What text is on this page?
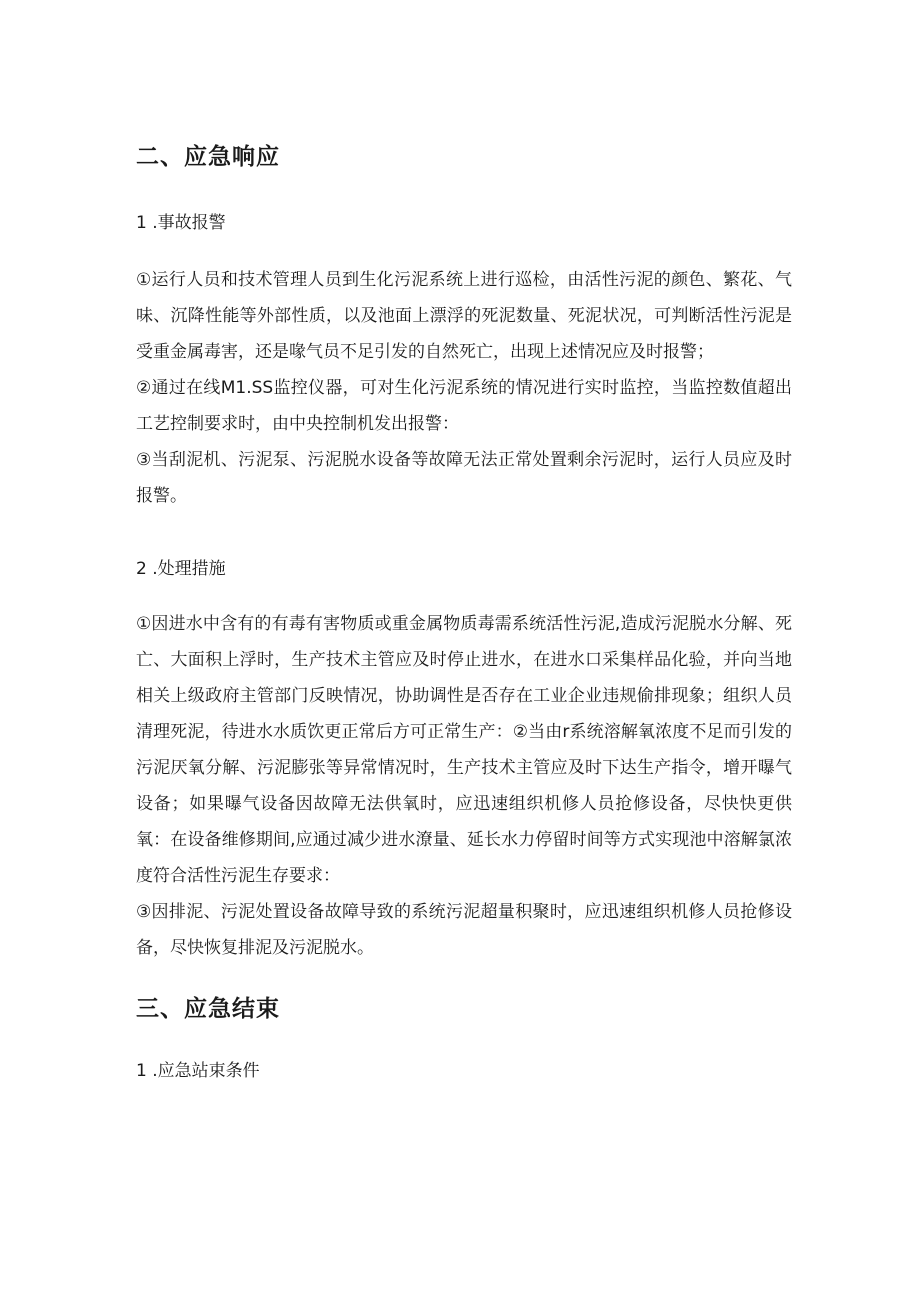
二、应急响应
1 .事故报警
①运行人员和技术管理人员到生化污泥系统上进行巡检，由活性污泥的颜色、繁花、气味、沉降性能等外部性质，以及池面上漂浮的死泥数量、死泥状况，可判断活性污泥是受重金属毒害，还是喙气员不足引发的自然死亡，出现上述情况应及时报警；
②通过在线M1.SS监控仪器，可对生化污泥系统的情况进行实时监控，当监控数值超出工艺控制要求时，由中央控制机发出报警：
③当刮泥机、污泥泵、污泥脱水设备等故障无法正常处置剩余污泥时，运行人员应及时报警。
2 .处理措施
①因进水中含有的有毒有害物质或重金属物质毒需系统活性污泥,造成污泥脱水分解、死亡、大面积上浮时，生产技术主管应及时停止进水，在进水口采集样品化验，并向当地相关上级政府主管部门反映情况，协助调性是否存在工业企业违规偷排现象；组织人员清理死泥，待进水水质饮更正常后方可正常生产：②当由r系统溶解氧浓度不足而引发的污泥厌氧分解、污泥膨张等异常情况时，生产技术主管应及时下达生产指令，增开曝气设备；如果曝气设备因故障无法供氧时，应迅速组织机修人员抢修设备，尽快快更供氧：在设备维修期间,应通过减少进水潦量、延长水力停留时间等方式实现池中溶解氯浓度符合活性污泥生存要求：
③因排泥、污泥处置设备故障导致的系统污泥超量积聚时，应迅速组织机修人员抢修设备，尽快恢复排泥及污泥脱水。
三、应急结束
1 .应急站束条件
